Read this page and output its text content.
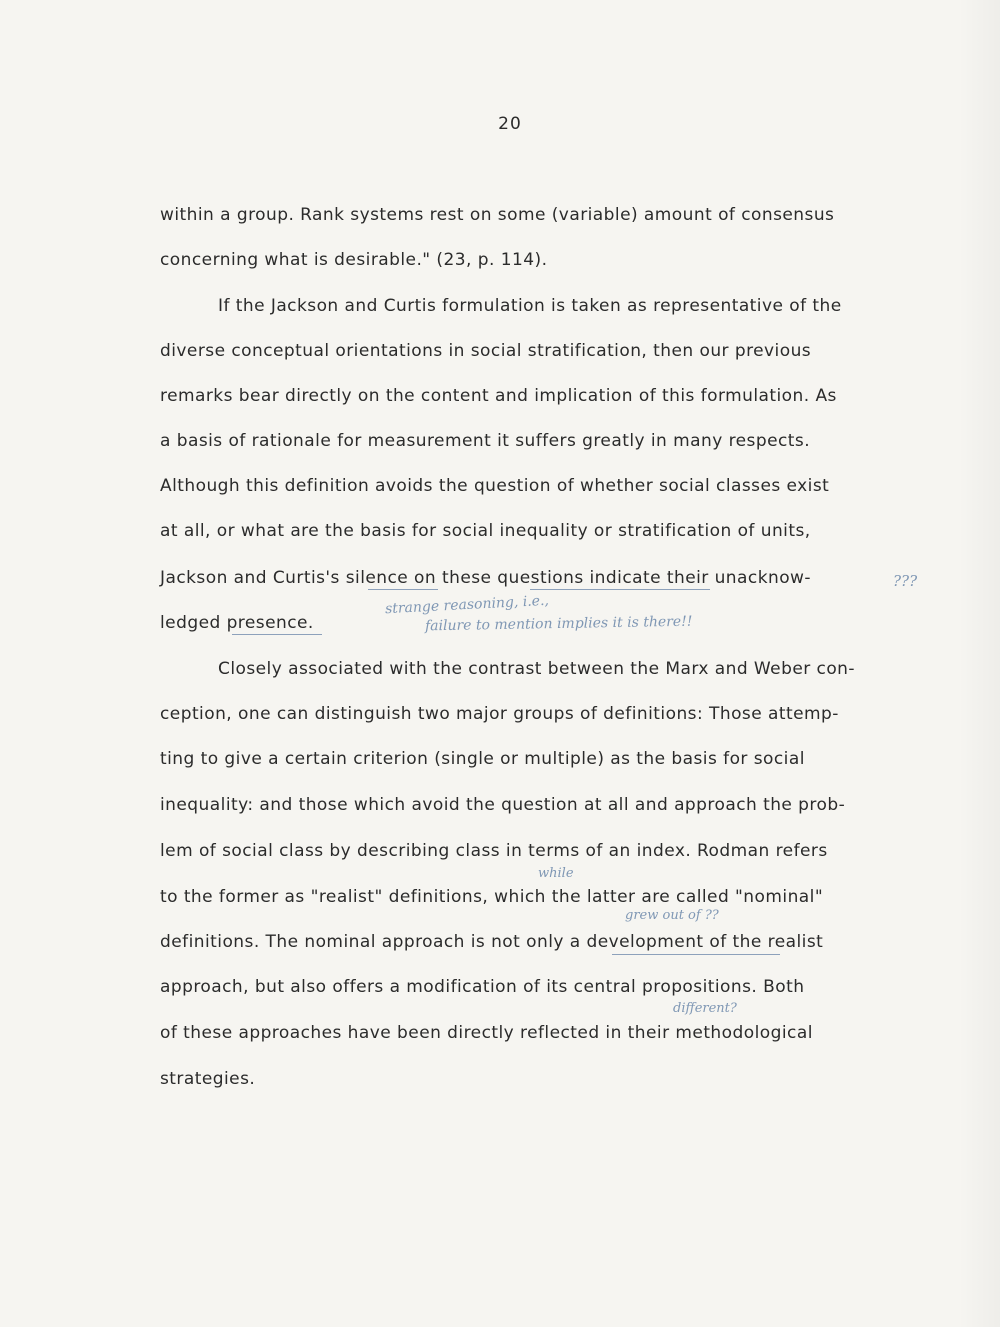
20
within a group. Rank systems rest on some (variable) amount of consensus
concerning what is desirable." (23, p. 114).
If the Jackson and Curtis formulation is taken as representative of the
diverse conceptual orientations in social stratification, then our previous
remarks bear directly on the content and implication of this formulation. As
a basis of rationale for measurement it suffers greatly in many respects.
Although this definition avoids the question of whether social classes exist
at all, or what are the basis for social inequality or stratification of units,
Jackson and Curtis's silence on these questions indicate their unacknow-
ledged presence.
Closely associated with the contrast between the Marx and Weber con-
ception, one can distinguish two major groups of definitions: Those attemp-
ting to give a certain criterion (single or multiple) as the basis for social
inequality: and those which avoid the question at all and approach the prob-
lem of social class by describing class in terms of an index. Rodman refers
to the former as "realist" definitions, which the latter are called "nominal"
definitions. The nominal approach is not only a development of the realist
approach, but also offers a modification of its central propositions. Both
of these approaches have been directly reflected in their methodological
strategies.
???
strange reasoning, i.e.,
failure to mention implies it is there!!
while
grew out of ??
different?
